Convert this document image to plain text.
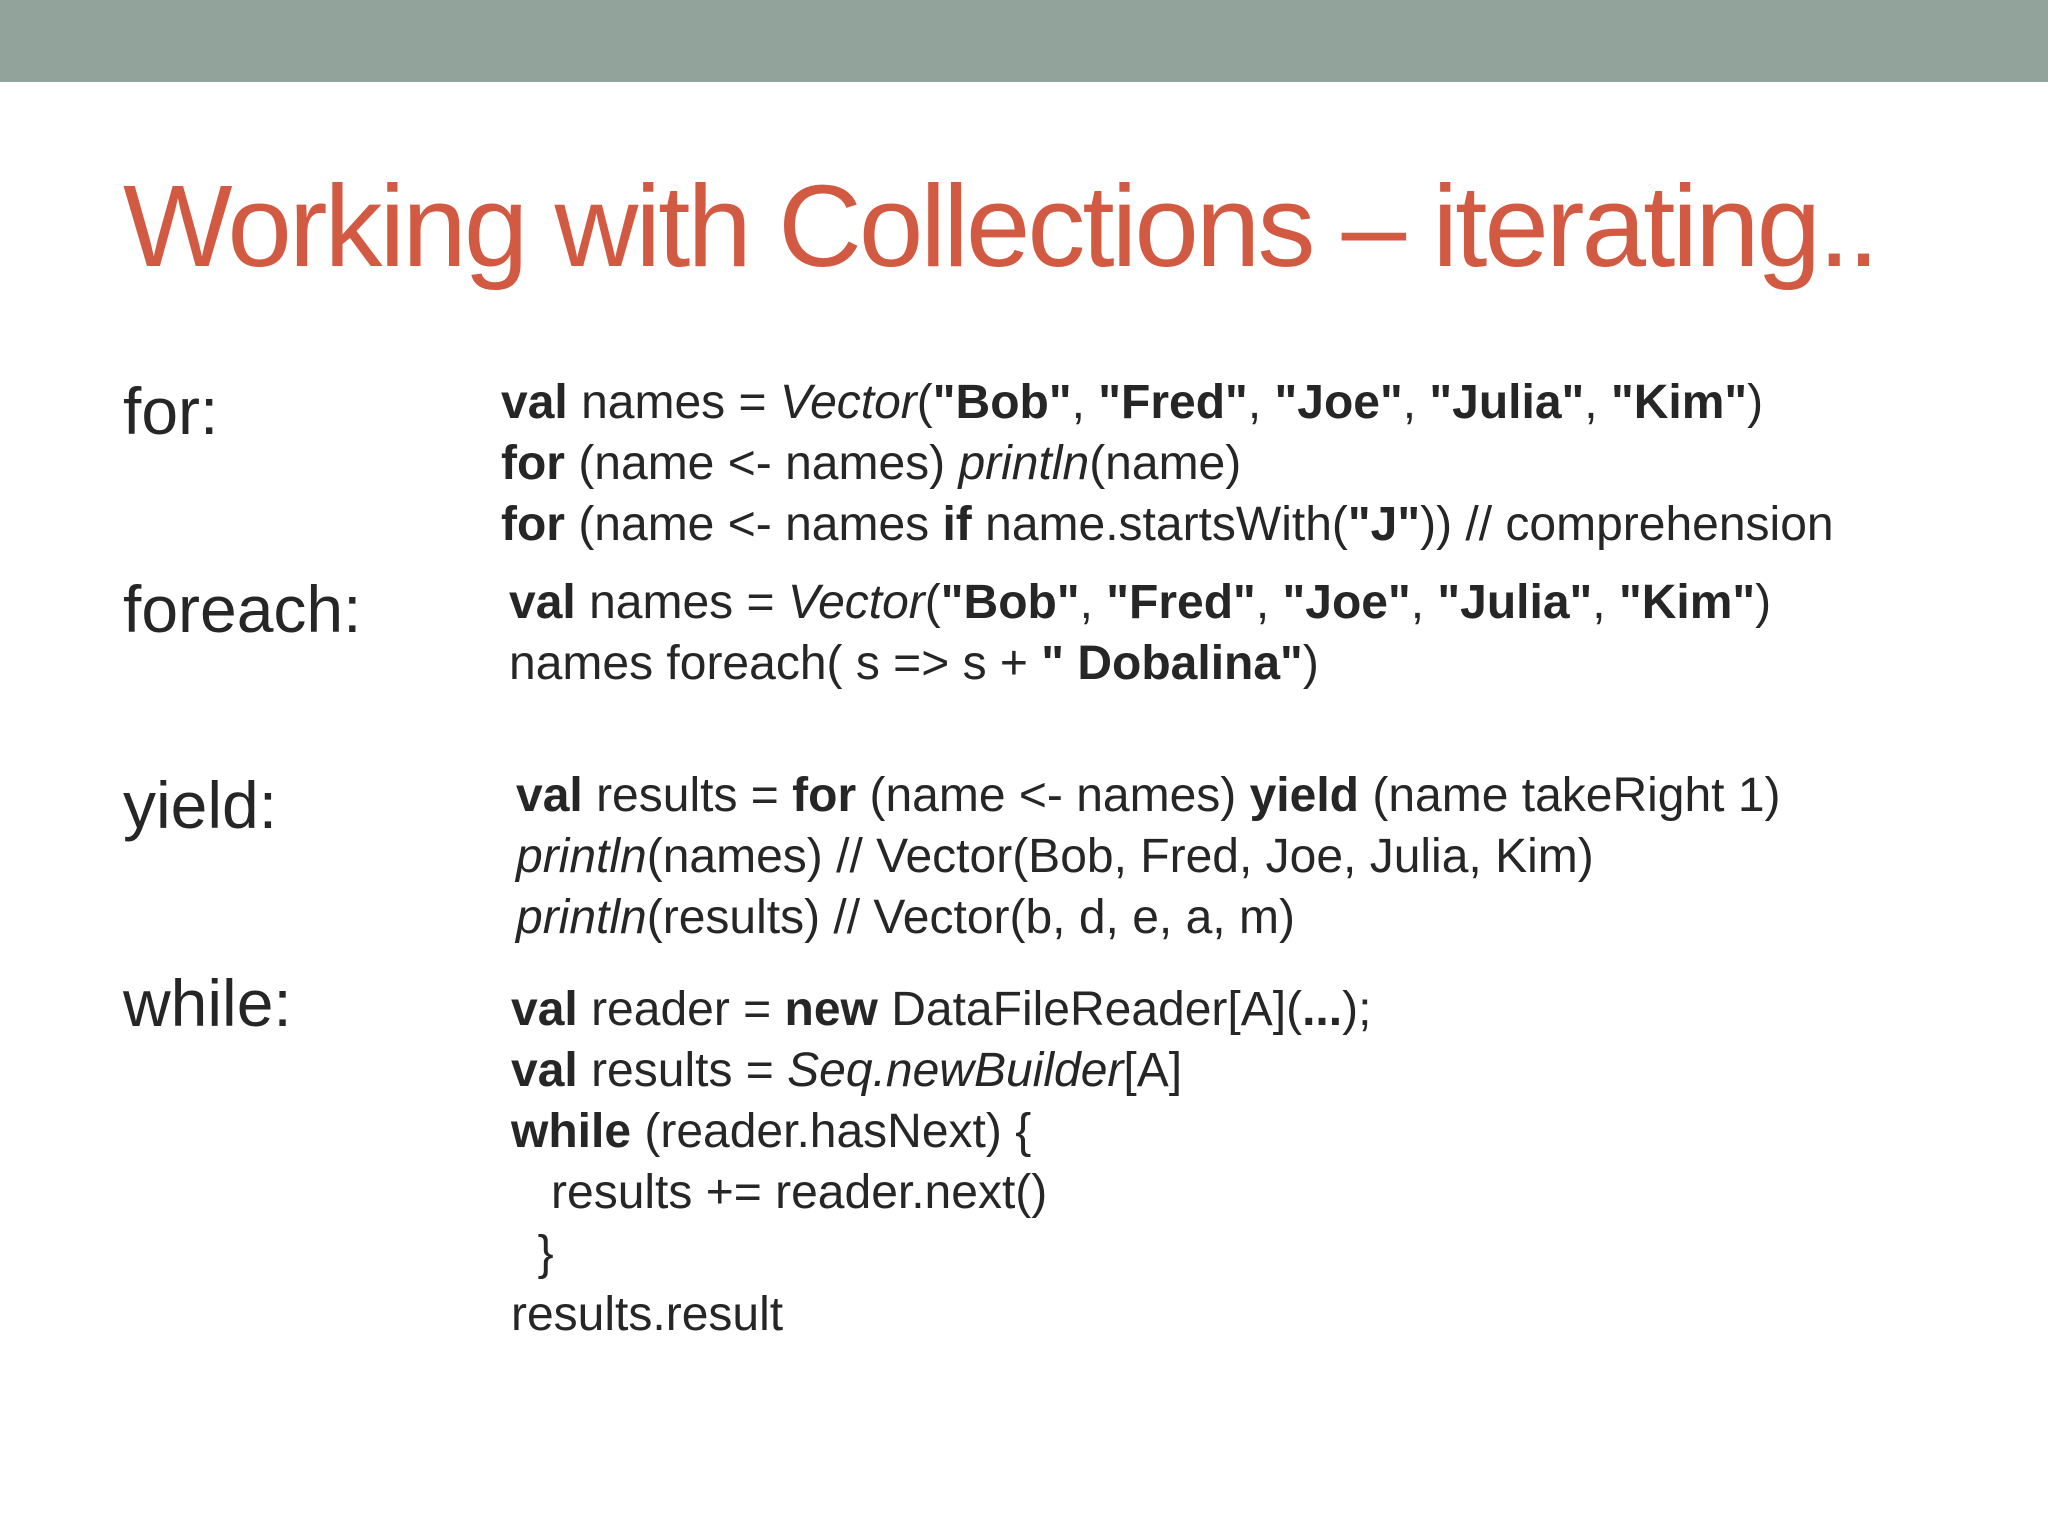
Working with Collections – iterating..
for:	val names = Vector("Bob", "Fred", "Joe", "Julia", "Kim")
for (name <- names) println(name)
for (name <- names if name.startsWith("J")) // comprehension
foreach:	val names = Vector("Bob", "Fred", "Joe", "Julia", "Kim")
names foreach( s => s + " Dobalina")
yield:	val results = for (name <- names) yield (name takeRight 1)
println(names) // Vector(Bob, Fred, Joe, Julia, Kim)
println(results) // Vector(b, d, e, a, m)
while:	val reader = new DataFileReader[A](...);
val results = Seq.newBuilder[A]
while (reader.hasNext) {
results += reader.next()
}
results.result
